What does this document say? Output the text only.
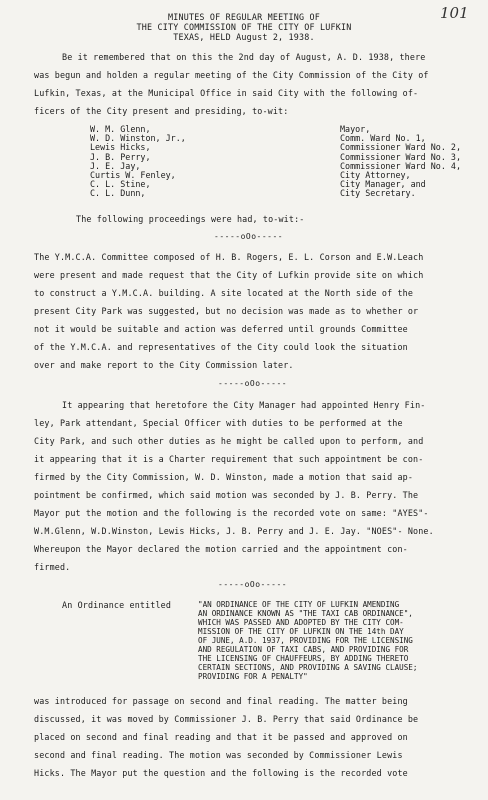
101
MINUTES OF REGULAR MEETING OF
THE CITY COMMISSION OF THE CITY OF LUFKIN
TEXAS, HELD August 2, 1938.
Be it remembered that on this the 2nd day of August, A. D. 1938, there
was begun and holden a regular meeting of the City Commission of the City of
Lufkin, Texas, at the Municipal Office in said City with the following of-
ficers of the City present and presiding, to-wit:
W. M. Glenn,
W. D. Winston, Jr.,
Lewis Hicks,
J. B. Perry,
J. E. Jay,
Curtis W. Fenley,
C. L. Stine,
C. L. Dunn,
Mayor,
Comm. Ward No. 1,
Commissioner Ward No. 2,
Commissioner Ward No. 3,
Commissioner Ward No. 4,
City Attorney,
City Manager, and
City Secretary.
The following proceedings were had, to-wit:-
-----oOo-----
The Y.M.C.A. Committee composed of H. B. Rogers, E. L. Corson and E.W.Leach
were present and made request that the City of Lufkin provide site on which
to construct a Y.M.C.A. building. A site located at the North side of the
present City Park was suggested, but no decision was made as to whether or
not it would be suitable and action was deferred until grounds Committee
of the Y.M.C.A. and representatives of the City could look the situation
over and make report to the City Commission later.
-----oOo-----
It appearing that heretofore the City Manager had appointed Henry Fin-
ley, Park attendant, Special Officer with duties to be performed at the
City Park, and such other duties as he might be called upon to perform, and
it appearing that it is a Charter requirement that such appointment be con-
firmed by the City Commission, W. D. Winston, made a motion that said ap-
pointment be confirmed, which said motion was seconded by J. B. Perry. The
Mayor put the motion and the following is the recorded vote on same: "AYES"-
W.M.Glenn, W.D.Winston, Lewis Hicks, J. B. Perry and J. E. Jay. "NOES"- None.
Whereupon the Mayor declared the motion carried and the appointment con-
firmed.
-----oOo-----
An Ordinance entitled	"AN ORDINANCE OF THE CITY OF LUFKIN AMENDING
AN ORDINANCE KNOWN AS "THE TAXI CAB ORDINANCE",
WHICH WAS PASSED AND ADOPTED BY THE CITY COM-
MISSION OF THE CITY OF LUFKIN ON THE 14th DAY
OF JUNE, A.D. 1937, PROVIDING FOR THE LICENSING
AND REGULATION OF TAXI CABS, AND PROVIDING FOR
THE LICENSING OF CHAUFFEURS, BY ADDING THERETO
CERTAIN SECTIONS, AND PROVIDING A SAVING CLAUSE;
PROVIDING FOR A PENALTY"
was introduced for passage on second and final reading. The matter being
discussed, it was moved by Commissioner J. B. Perry that said Ordinance be
placed on second and final reading and that it be passed and approved on
second and final reading. The motion was seconded by Commissioner Lewis
Hicks. The Mayor put the question and the following is the recorded vote
